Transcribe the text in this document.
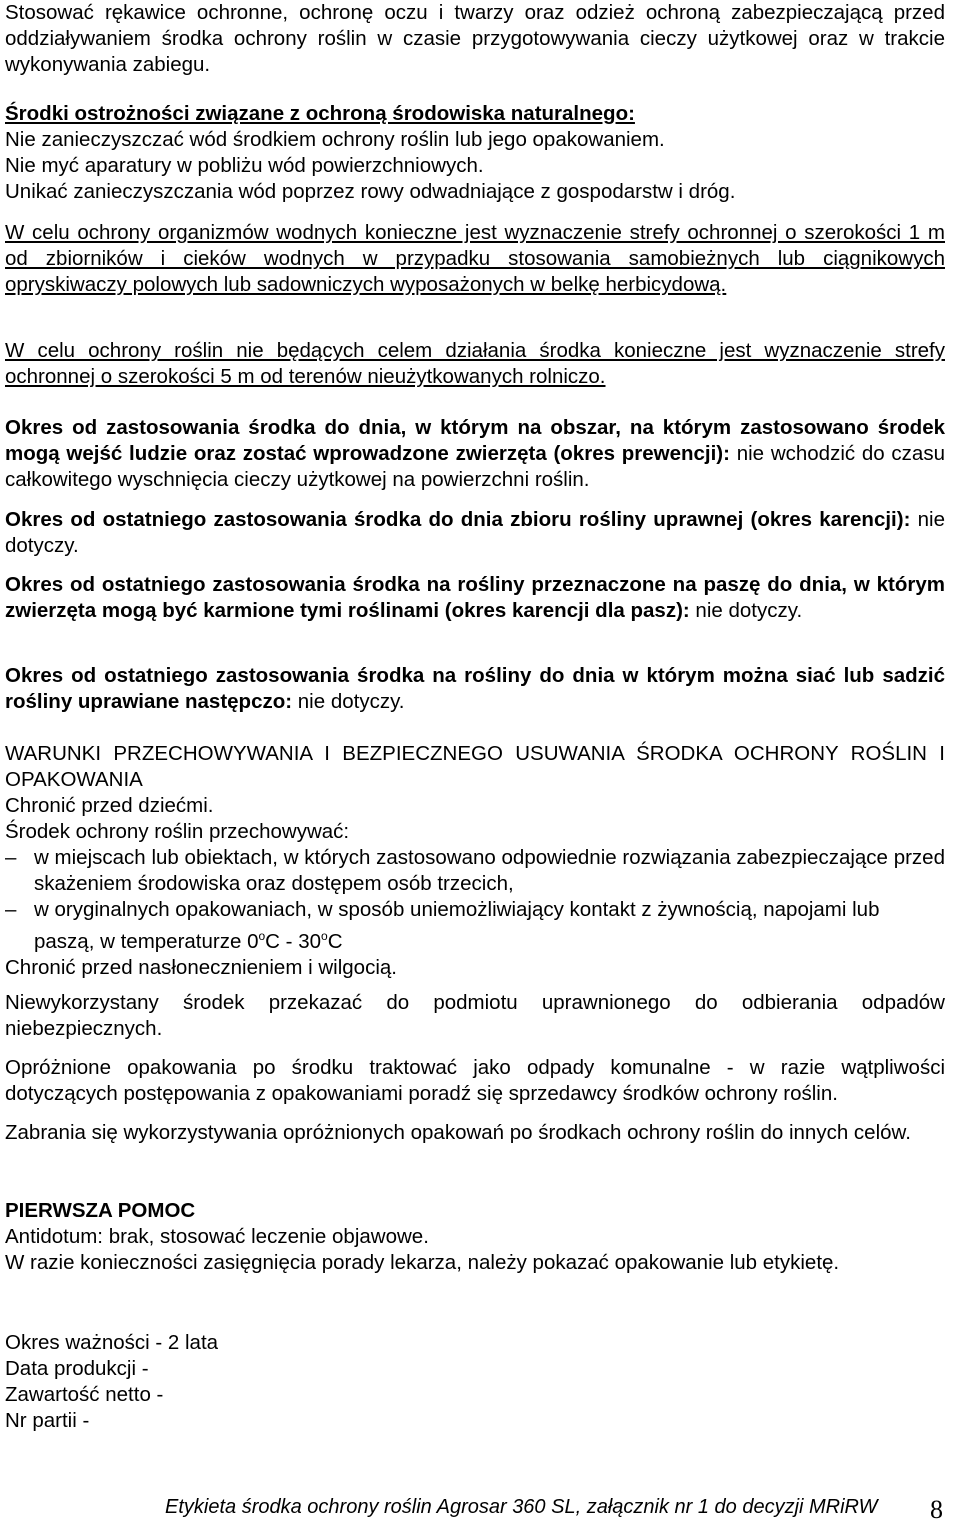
Stosować rękawice ochronne, ochronę oczu i twarzy oraz odzież ochroną zabezpieczającą przed oddziaływaniem środka ochrony roślin w czasie przygotowywania cieczy użytkowej oraz w trakcie wykonywania zabiegu.

Środki ostrożności związane z ochroną środowiska naturalnego:

Nie zanieczyszczać wód środkiem ochrony roślin lub jego opakowaniem.

Nie myć aparatury w pobliżu wód powierzchniowych.

Unikać zanieczyszczania wód poprzez rowy odwadniające z gospodarstw i dróg.

W celu ochrony organizmów wodnych konieczne jest wyznaczenie strefy ochronnej o szerokości 1 m od zbiorników i cieków wodnych w przypadku stosowania samobieżnych lub ciągnikowych opryskiwaczy polowych lub sadowniczych wyposażonych w belkę herbicydową.

W celu ochrony roślin nie będących celem działania środka konieczne jest wyznaczenie strefy ochronnej o szerokości 5 m od terenów nieużytkowanych rolniczo.

Okres od zastosowania środka do dnia, w którym na obszar, na którym zastosowano środek mogą wejść ludzie oraz zostać wprowadzone zwierzęta (okres prewencji): nie wchodzić do czasu całkowitego wyschnięcia cieczy użytkowej na powierzchni roślin.

Okres od ostatniego zastosowania środka do dnia zbioru rośliny uprawnej (okres karencji): nie dotyczy.

Okres od ostatniego zastosowania środka na rośliny przeznaczone na paszę do dnia, w którym zwierzęta mogą być karmione tymi roślinami (okres karencji dla pasz): nie dotyczy.

Okres od ostatniego zastosowania środka na rośliny do dnia w którym można siać lub sadzić rośliny uprawiane następczo: nie dotyczy.

WARUNKI PRZECHOWYWANIA I BEZPIECZNEGO USUWANIA ŚRODKA OCHRONY ROŚLIN I OPAKOWANIA

Chronić przed dziećmi.

Środek ochrony roślin przechowywać:

– w miejscach lub obiektach, w których zastosowano odpowiednie rozwiązania zabezpieczające przed skażeniem środowiska oraz dostępem osób trzecich,
– w oryginalnych opakowaniach, w sposób uniemożliwiający kontakt z żywnością, napojami lub paszą, w temperaturze 0$^o$C - 30$^o$C

Chronić przed nasłonecznieniem i wilgocią.

Niewykorzystany środek przekazać do podmiotu uprawnionego do odbierania odpadów niebezpiecznych.

Opróżnione opakowania po środku traktować jako odpady komunalne - w razie wątpliwości dotyczących postępowania z opakowaniami poradź się sprzedawcy środków ochrony roślin.

Zabrania się wykorzystywania opróżnionych opakowań po środkach ochrony roślin do innych celów.

PIERWSZA POMOC

Antidotum: brak, stosować leczenie objawowe.

W razie konieczności zasięgnięcia porady lekarza, należy pokazać opakowanie lub etykietę.

Okres ważności - 2 lata

Data produkcji -

Zawartość netto -

Nr partii -

Etykieta środka ochrony roślin Agrosar 360 SL, załącznik nr 1 do decyzji MRiRW 8
